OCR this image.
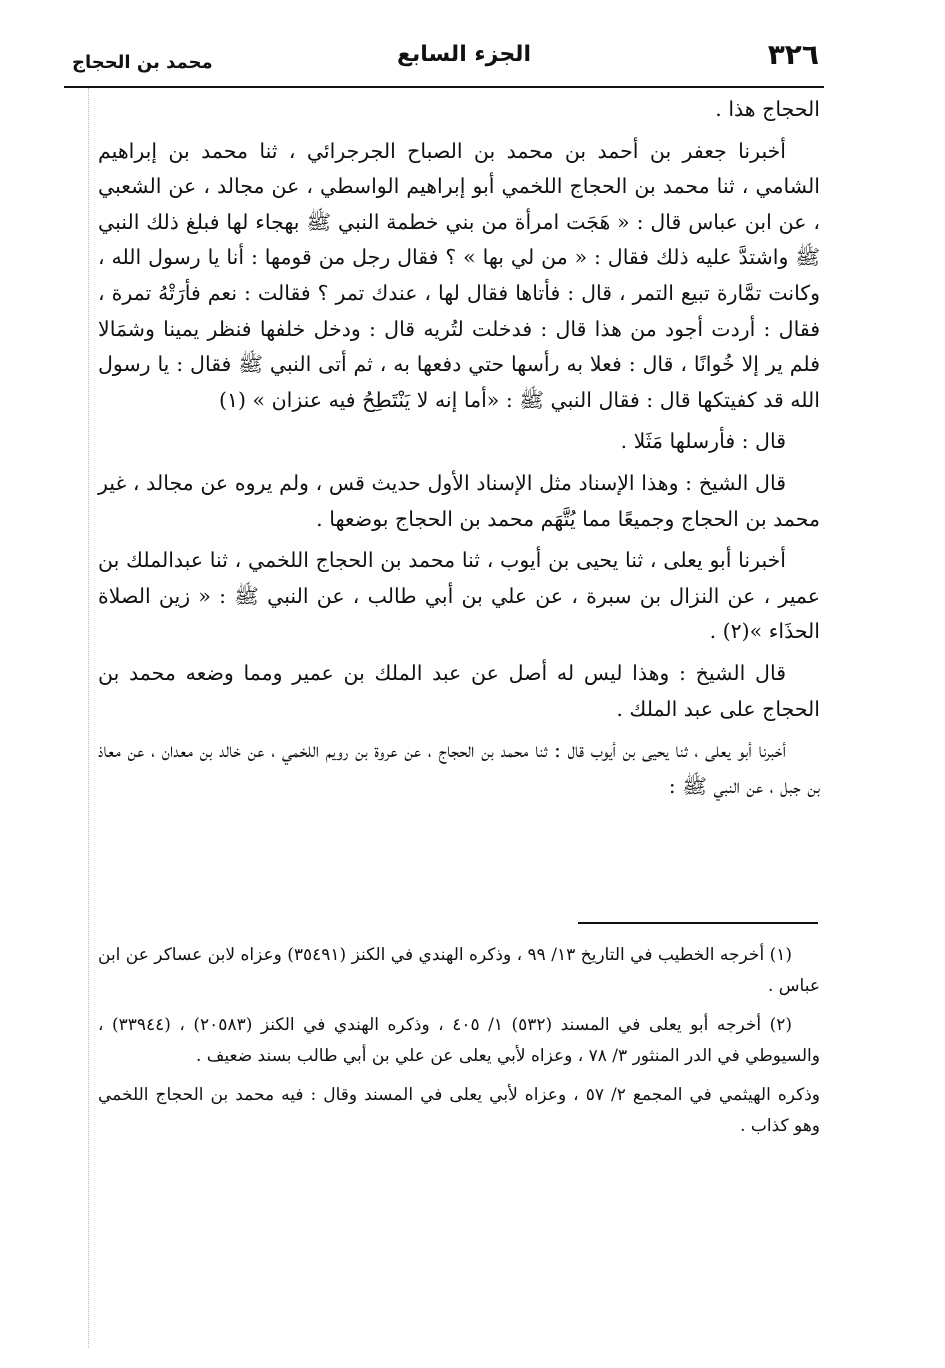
٣٢٦
الجزء السابع
محمد بن الحجاج

الحجاج هذا .

أخبرنا جعفر بن أحمد بن محمد بن الصباح الجرجرائي ، ثنا محمد بن إبراهيم الشامي ، ثنا محمد بن الحجاج اللخمي أبو إبراهيم الواسطي ، عن مجالد ، عن الشعبي ، عن ابن عباس قال : « هَجَت امرأة من بني خطمة النبي ﷺ بهجاء لها فبلغ ذلك النبي ﷺ واشتدَّ عليه ذلك فقال : « من لي بها » ؟ فقال رجل من قومها : أنا يا رسول الله ، وكانت تمَّارة تبيع التمر ، قال : فأتاها فقال لها ، عندك تمر ؟ فقالت : نعم فأرَتْهُ تمرة ، فقال : أردت أجود من هذا قال : فدخلت لتُريه قال : ودخل خلفها فنظر يمينا وشمَالا فلم ير إلا خُوانًا ، قال : فعلا به رأسها حتي دفعها به ، ثم أتى النبي ﷺ فقال : يا رسول الله قد كفيتكها قال : فقال النبي ﷺ : «أما إنه لا يَنْتَطِحُ فيه عنزان » (١)

قال : فأرسلها مَثَلا .

قال الشيخ : وهذا الإسناد مثل الإسناد الأول حديث قس ، ولم يروه عن مجالد ، غير محمد بن الحجاج وجميعًا مما يُتَّهَم محمد بن الحجاج بوضعها .

أخبرنا أبو يعلى ، ثنا يحيى بن أيوب ، ثنا محمد بن الحجاج اللخمي ، ثنا عبدالملك بن عمير ، عن النزال بن سبرة ، عن علي بن أبي طالب ، عن النبي ﷺ : « زين الصلاة الحذَاء »(٢) .

قال الشيخ : وهذا ليس له أصل عن عبد الملك بن عمير ومما وضعه محمد بن الحجاج على عبد الملك .

أخبرنا أبو يعلى ، ثنا يحيى بن أيوب قال : ثنا محمد بن الحجاج ، عن عروة بن رويم اللخمي ، عن خالد بن معدان ، عن معاذ بن جبل ، عن النبي ﷺ :

(١) أخرجه الخطيب في التاريخ ١٣/ ٩٩ ، وذكره الهندي في الكنز (٣٥٤٩١) وعزاه لابن عساكر عن ابن عباس .

(٢) أخرجه أبو يعلى في المسند (٥٣٢) ١/ ٤٠٥ ، وذكره الهندي في الكنز (٢٠٥٨٣) ، (٣٣٩٤٤) ، والسيوطي في الدر المنثور ٣/ ٧٨ ، وعزاه لأبي يعلى عن علي بن أبي طالب بسند ضعيف .

وذكره الهيثمي في المجمع ٢/ ٥٧ ، وعزاه لأبي يعلى في المسند وقال : فيه محمد بن الحجاج اللخمي وهو كذاب .
